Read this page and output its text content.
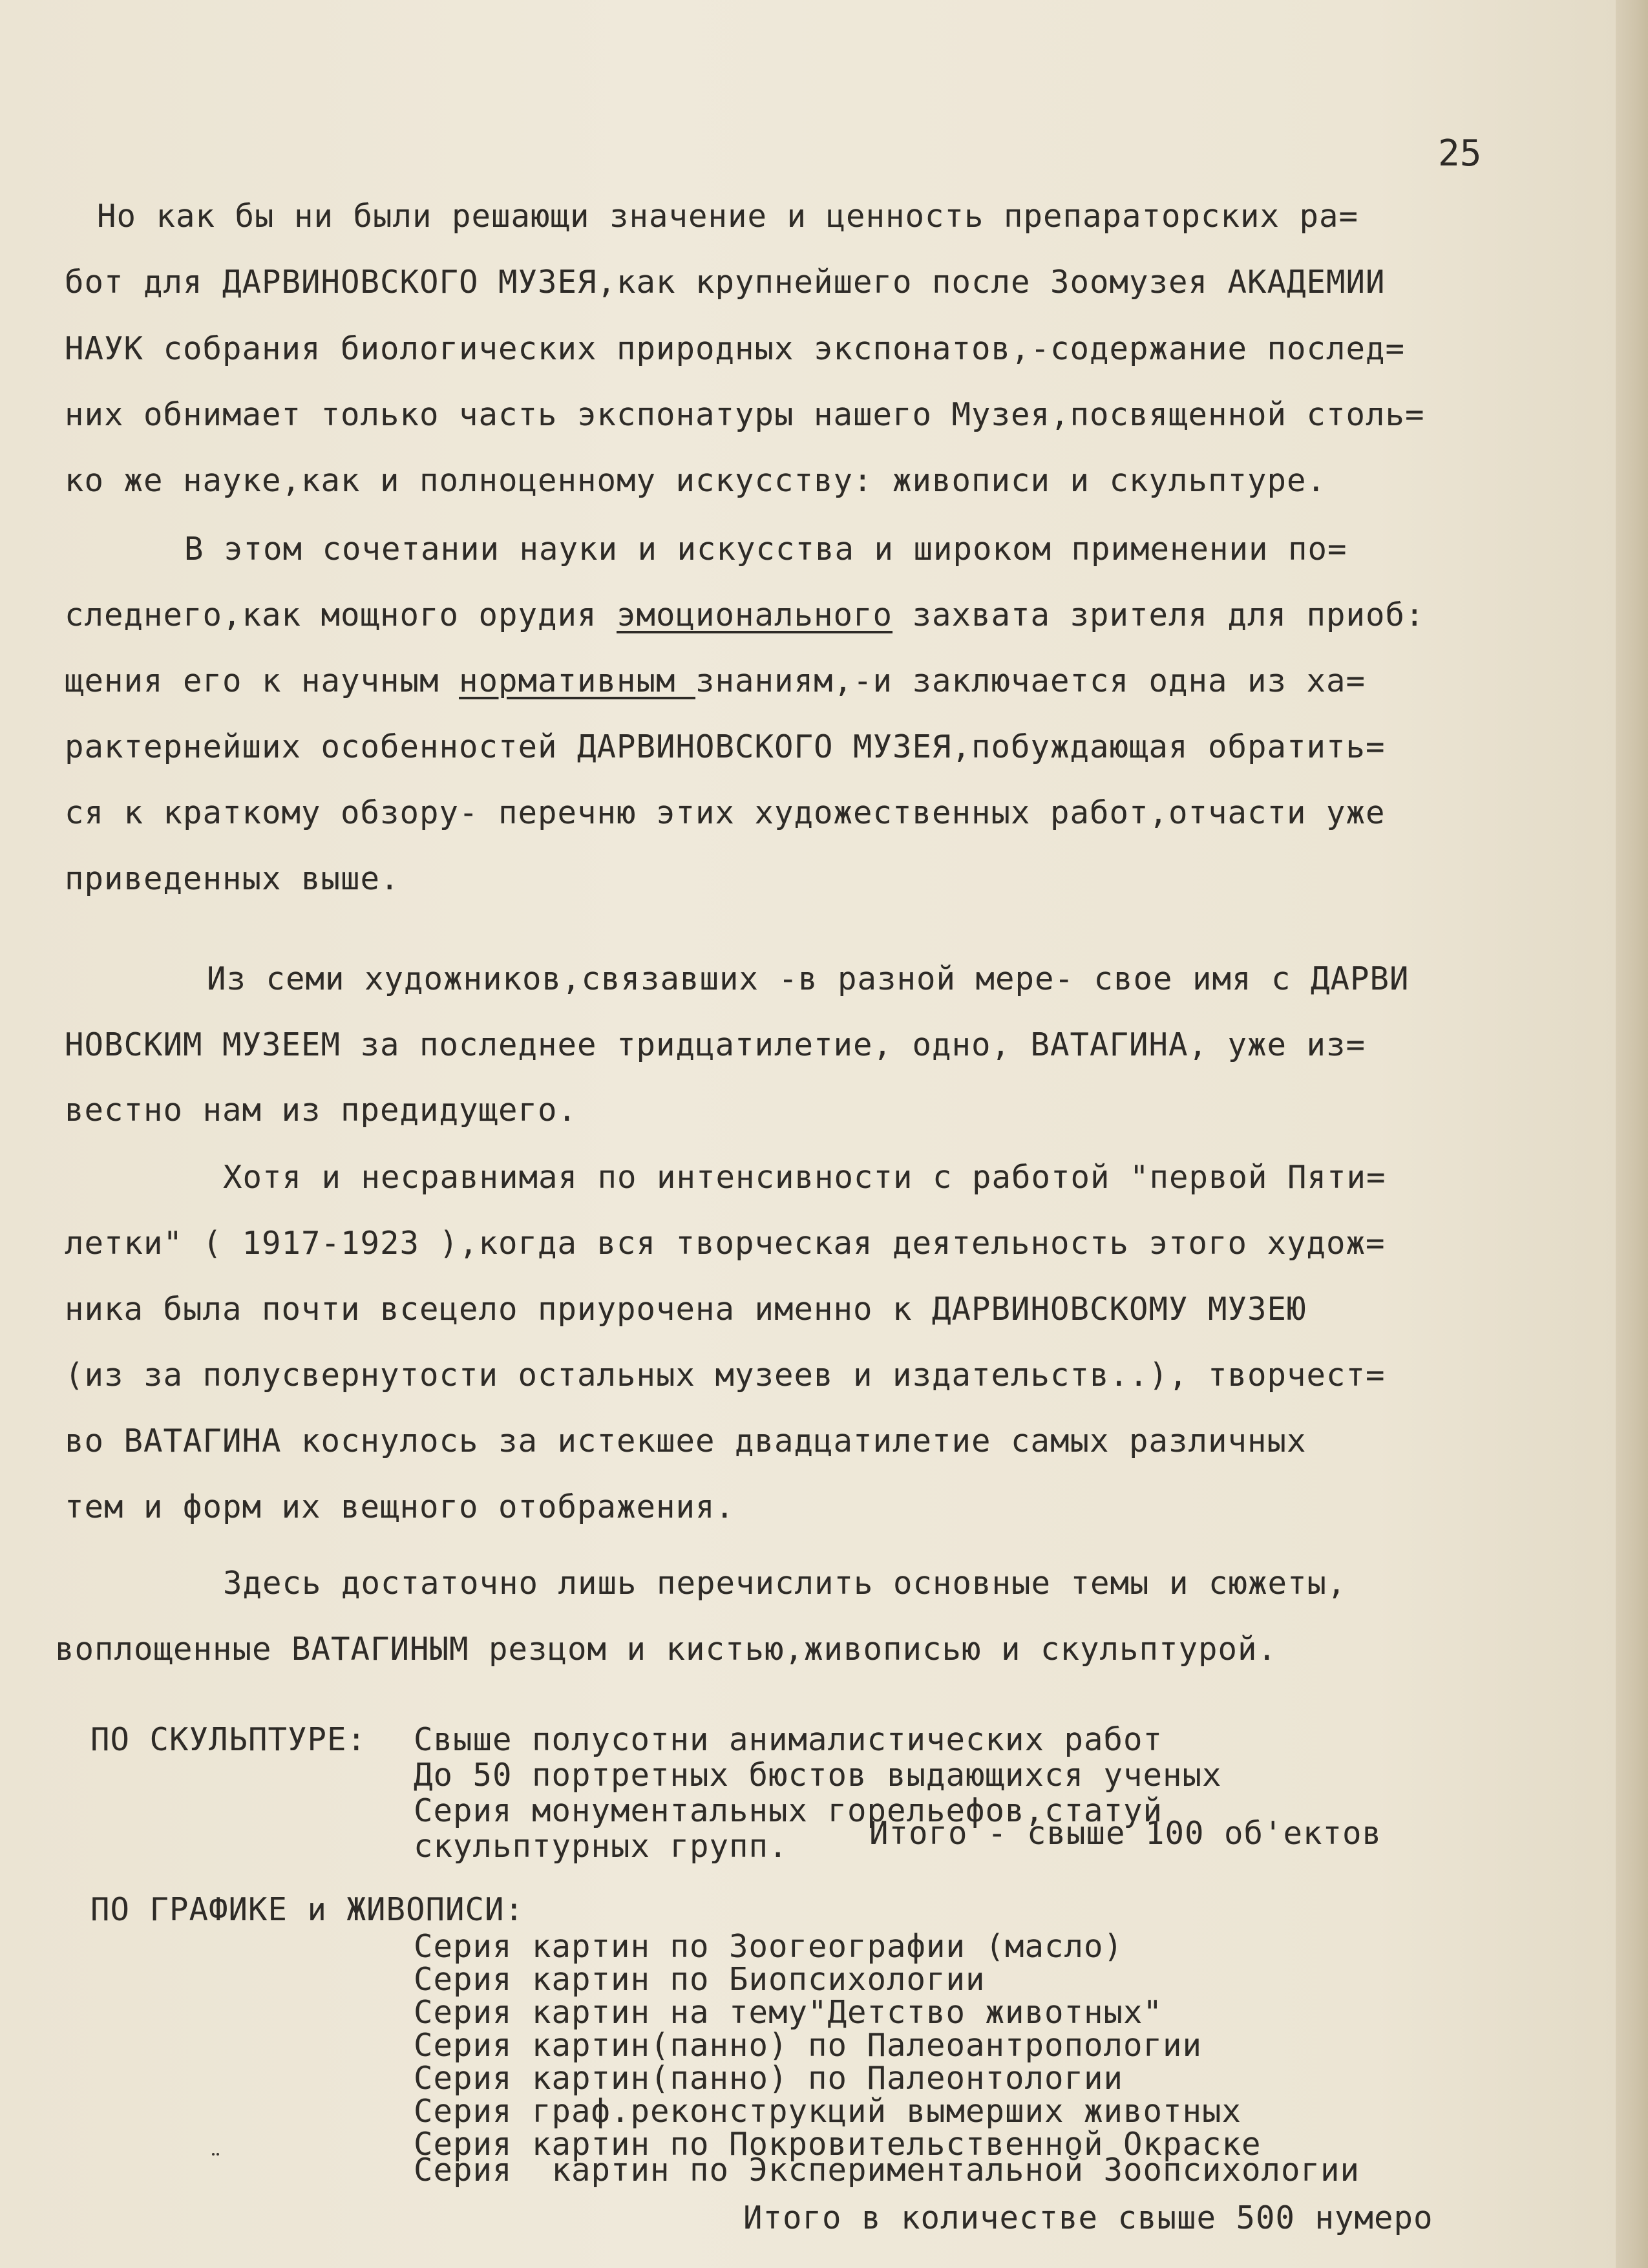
25
Но как бы ни были решающи значение и ценность препараторских ра=
бот для ДАРВИНОВСКОГО МУЗЕЯ,как крупнейшего после Зоомузея АКАДЕМИИ
НАУК собрания биологических природных экспонатов,-содержание послед=
них обнимает только часть экспонатуры нашего Музея,посвященной столь=
ко же науке,как и полноценному искусству: живописи и скульптуре.
В этом сочетании науки и искусства и широком применении по=
следнего,как мощного орудия эмоционального захвата зрителя для приоб:
щения его к научным нормативным знаниям,-и заключается одна из ха=
рактернейших особенностей ДАРВИНОВСКОГО МУЗЕЯ,побуждающая обратить=
ся к краткому обзору- перечню этих художественных работ,отчасти уже
приведенных выше.
Из семи художников,связавших -в разной мере- свое имя с ДАРВИ
НОВСКИМ МУЗЕЕМ за последнее тридцатилетие, одно, ВАТАГИНА, уже из=
вестно нам из предидущего.
Хотя и несравнимая по интенсивности с работой "первой Пяти=
летки" ( 1917-1923 ),когда вся творческая деятельность этого худож=
ника была почти всецело приурочена именно к ДАРВИНОВСКОМУ МУЗЕЮ
(из за полусвернутости остальных музеев и издательств..), творчест=
во ВАТАГИНА коснулось за истекшее двадцатилетие самых различных
тем и форм их вещного отображения.
Здесь достаточно лишь перечислить основные темы и сюжеты,
воплощенные ВАТАГИНЫМ резцом и кистью,живописью и скульптурой.
ПО СКУЛЬПТУРЕ: Свыше полусотни анималистических работ
До 50 портретных бюстов выдающихся ученых
Серия монументальных горельефов,статуй
скульптурных групп.	Итого - свыше 100 об'ектов
ПО ГРАФИКЕ и ЖИВОПИСИ:
Серия картин по Зоогеографии (масло)
Серия картин по Биопсихологии
Серия картин на тему"Детство животных"
Серия картин(панно) по Палеоантропологии
Серия картин(панно) по Палеонтологии
Серия граф.реконструкций вымерших животных
Серия картин по Покровительственной Окраске
Серия  картин по Экспериментальной Зоопсихологии
Итого в количестве свыше 500 нумеро
